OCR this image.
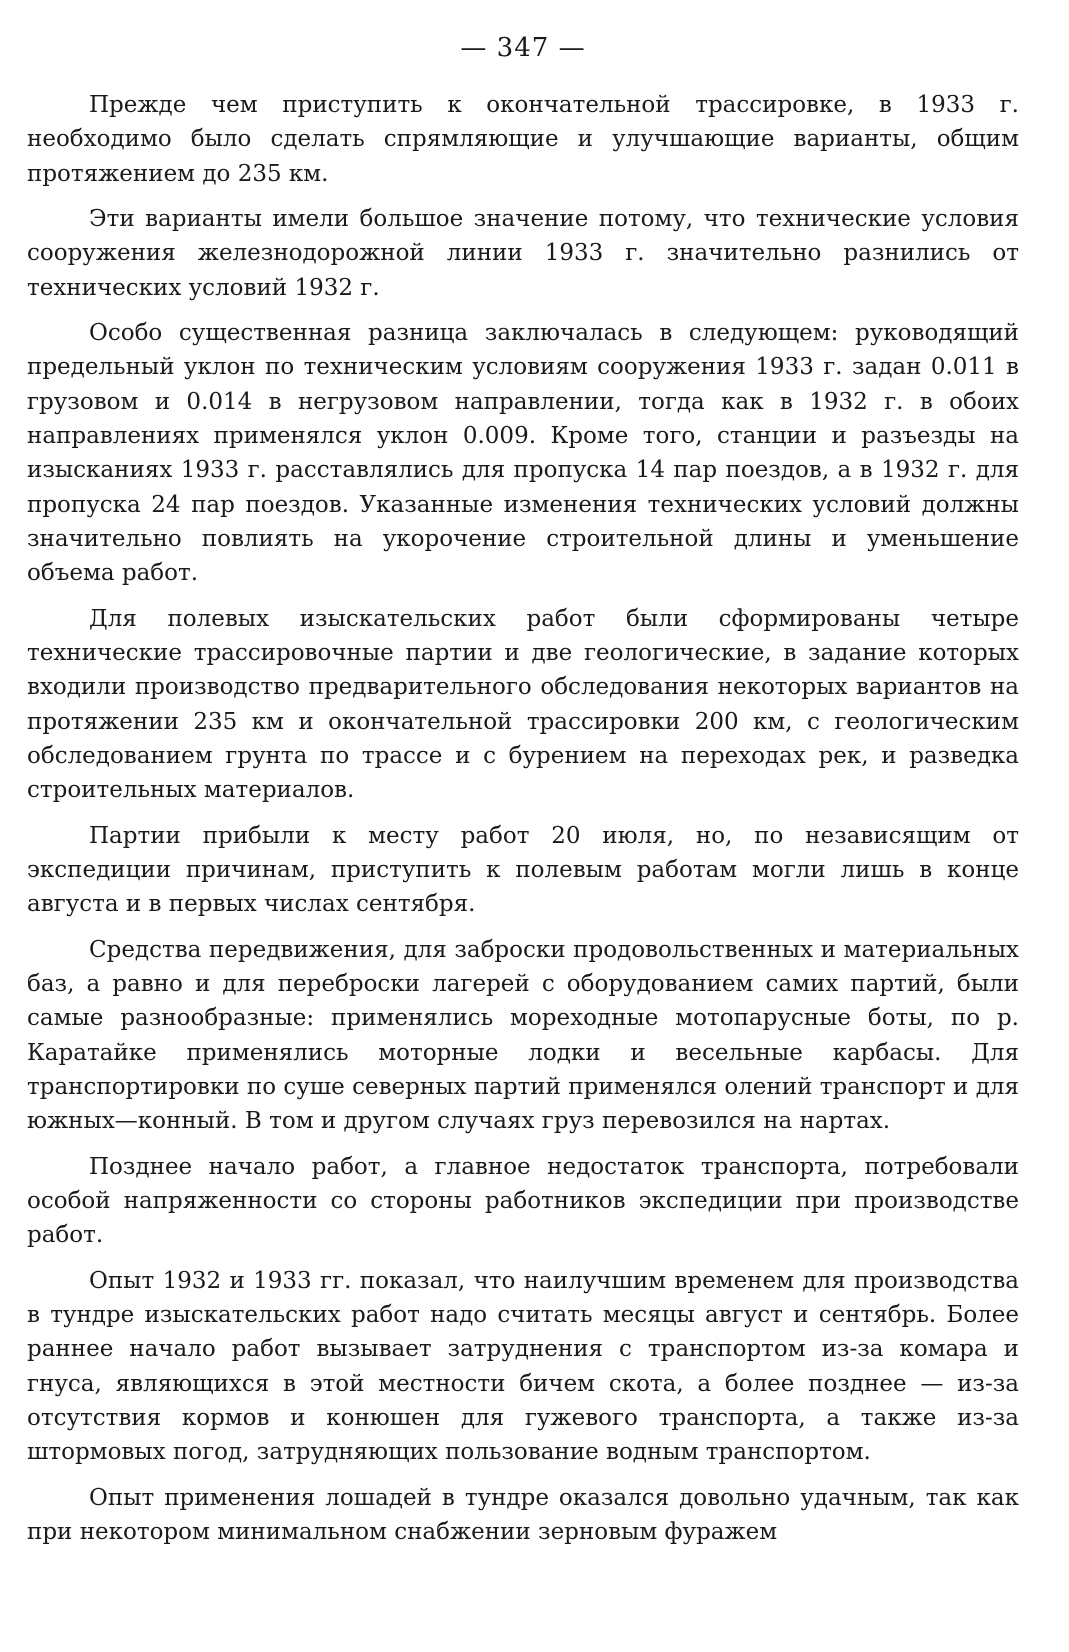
— 347 —

Прежде чем приступить к окончательной трассировке, в 1933 г. необходимо было сделать спрямляющие и улучшающие варианты, общим протяжением до 235 км.

Эти варианты имели большое значение потому, что технические условия сооружения железнодорожной линии 1933 г. значительно разнились от технических условий 1932 г.

Особо существенная разница заключалась в следующем: руководящий предельный уклон по техническим условиям сооружения 1933 г. задан 0.011 в грузовом и 0.014 в негрузовом направлении, тогда как в 1932 г. в обоих направлениях применялся уклон 0.009. Кроме того, станции и разъезды на изысканиях 1933 г. расставлялись для пропуска 14 пар поездов, а в 1932 г. для пропуска 24 пар поездов. Указанные изменения технических условий должны значительно повлиять на укорочение строительной длины и уменьшение объема работ.

Для полевых изыскательских работ были сформированы четыре технические трассировочные партии и две геологические, в задание которых входили производство предварительного обследования некоторых вариантов на протяжении 235 км и окончательной трассировки 200 км, с геологическим обследованием грунта по трассе и с бурением на переходах рек, и разведка строительных материалов.

Партии прибыли к месту работ 20 июля, но, по независящим от экспедиции причинам, приступить к полевым работам могли лишь в конце августа и в первых числах сентября.

Средства передвижения, для заброски продовольственных и материальных баз, а равно и для переброски лагерей с оборудованием самих партий, были самые разнообразные: применялись мореходные мотопарусные боты, по р. Каратайке применялись моторные лодки и весельные карбасы. Для транспортировки по суше северных партий применялся олений транспорт и для южных—конный. В том и другом случаях груз перевозился на нартах.

Позднее начало работ, а главное недостаток транспорта, потребовали особой напряженности со стороны работников экспедиции при производстве работ.

Опыт 1932 и 1933 гг. показал, что наилучшим временем для производства в тундре изыскательских работ надо считать месяцы август и сентябрь. Более раннее начало работ вызывает затруднения с транспортом из-за комара и гнуса, являющихся в этой местности бичем скота, а более позднее — из-за отсутствия кормов и конюшен для гужевого транспорта, а также из-за штормовых погод, затрудняющих пользование водным транспортом.

Опыт применения лошадей в тундре оказался довольно удачным, так как при некотором минимальном снабжении зерновым фуражем
